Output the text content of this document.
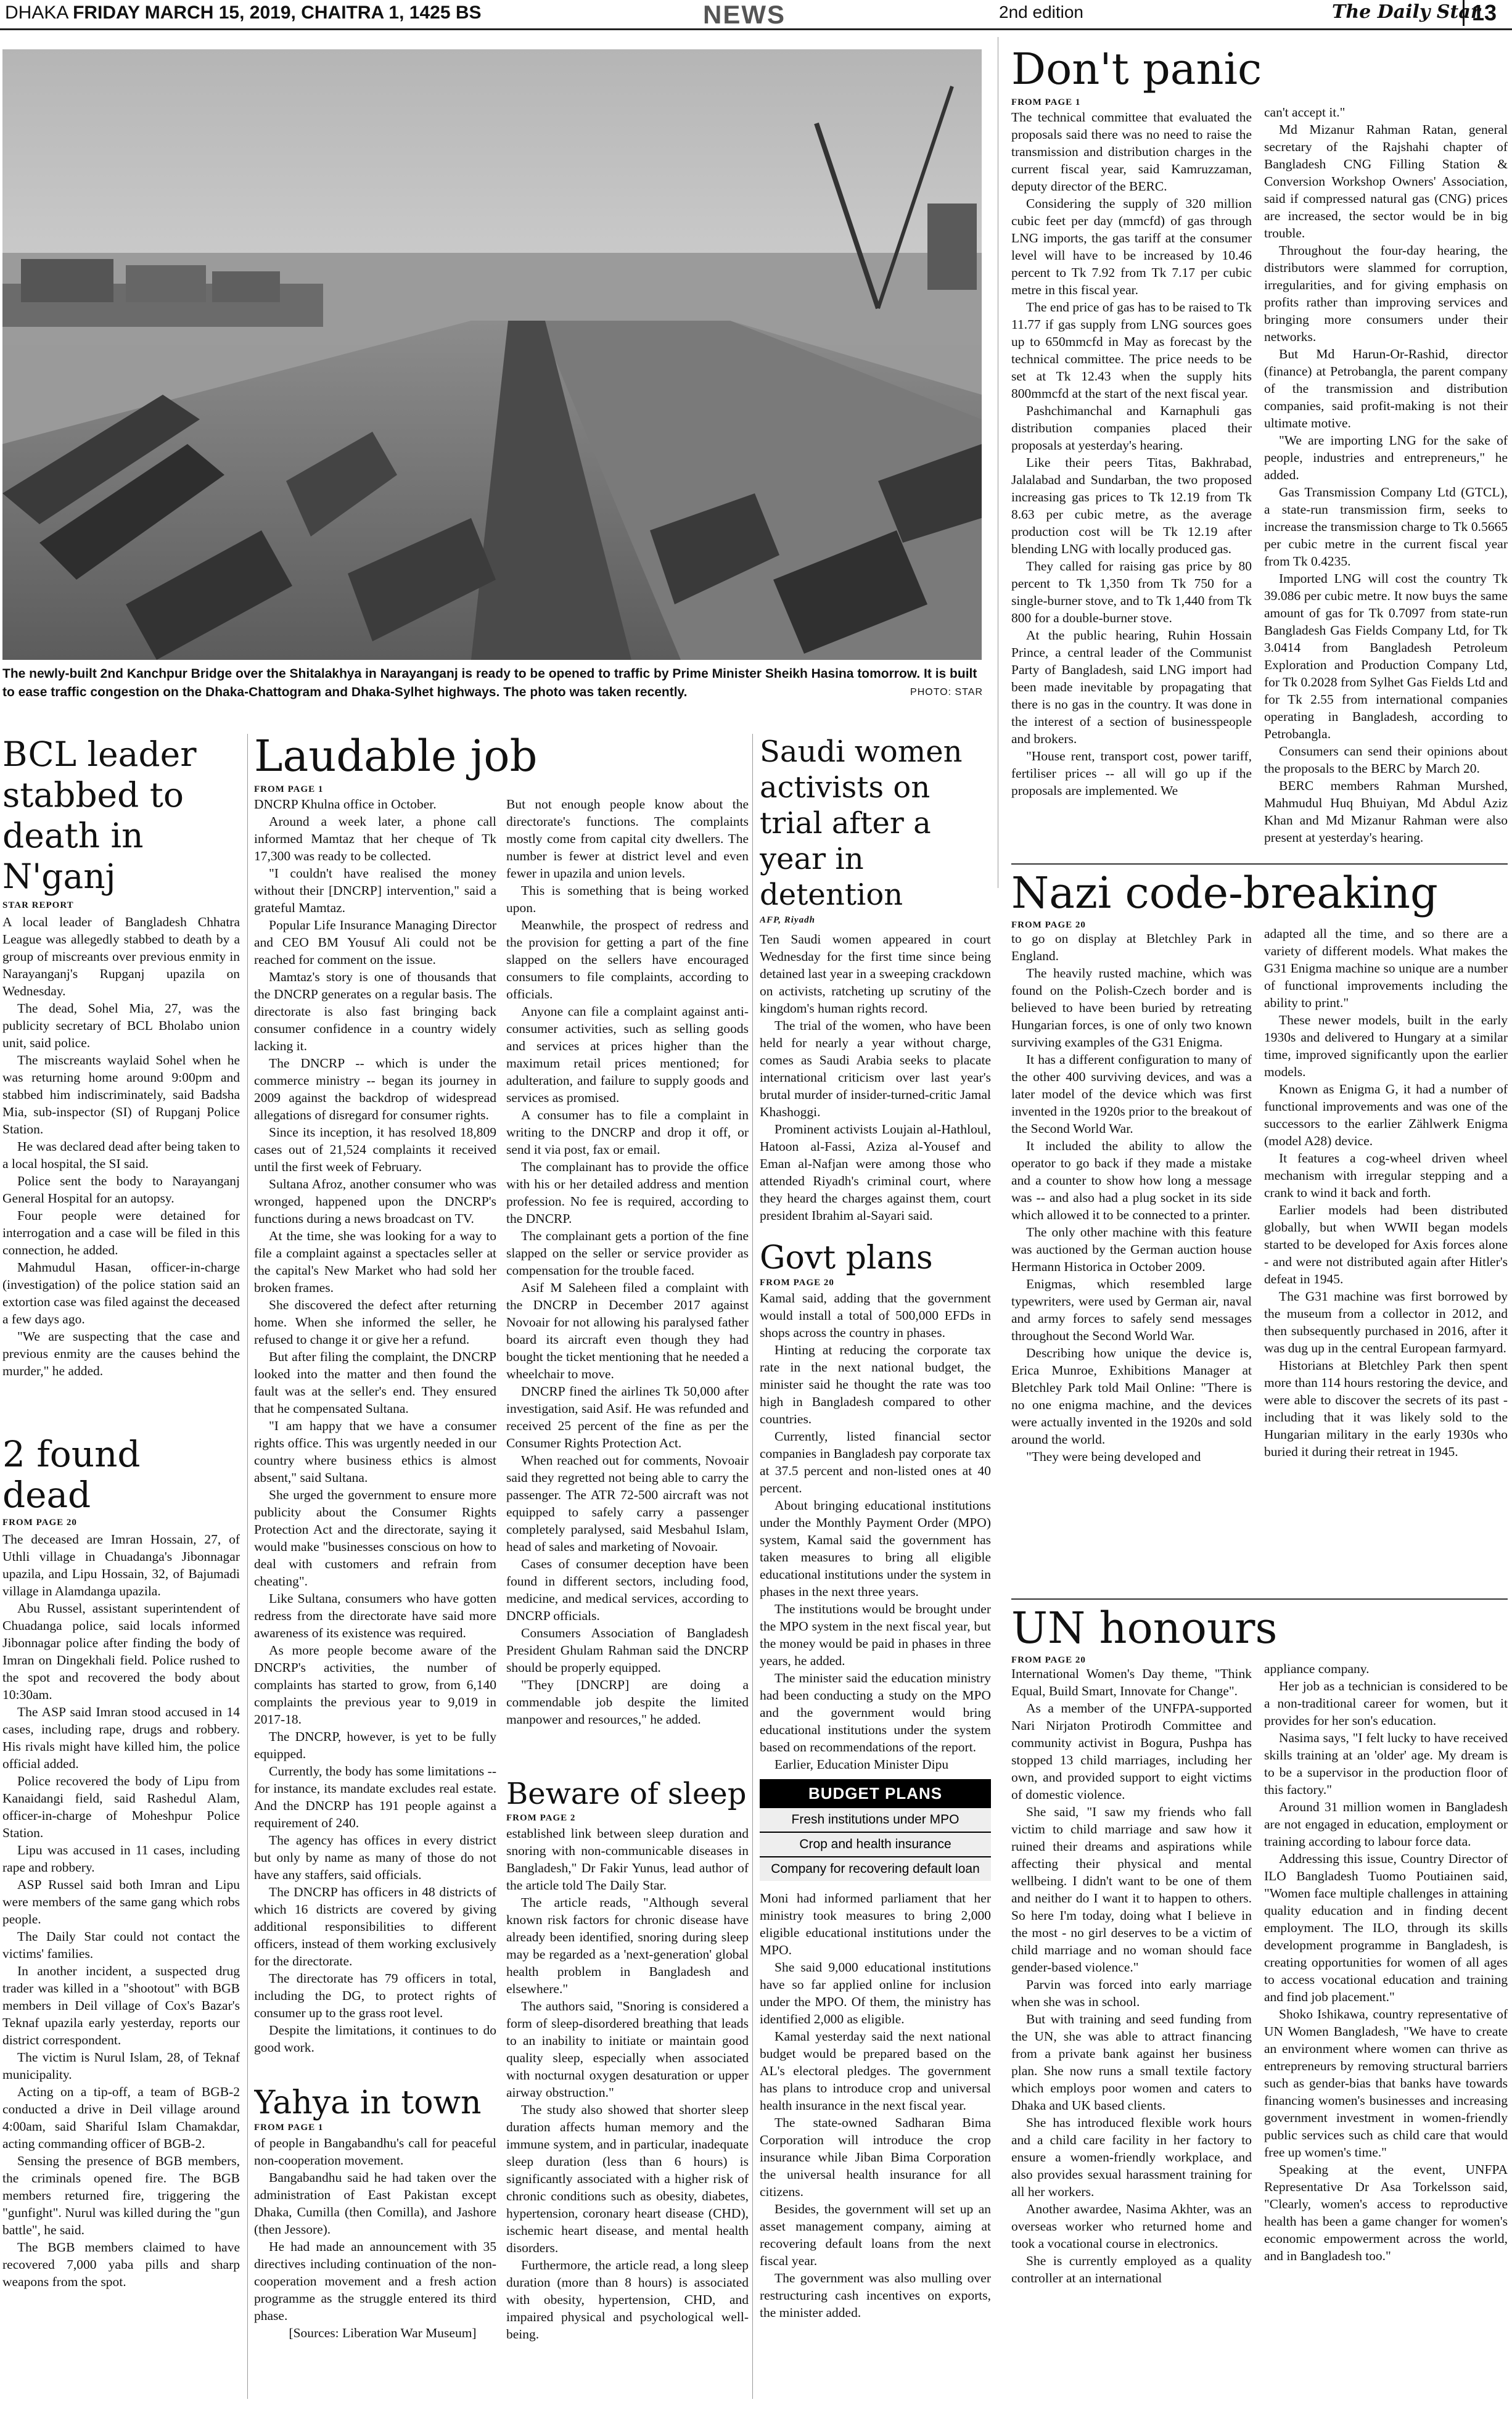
DHAKA FRIDAY MARCH 15, 2019, CHAITRA 1, 1425 BS	NEWS	2nd edition	The Daily Star
13
The newly-built 2nd Kanchpur Bridge over the Shitalakhya in Narayanganj is ready to be opened to traffic by Prime Minister Sheikh Hasina tomorrow. It is built to ease traffic congestion on the Dhaka-Chattogram and Dhaka-Sylhet highways. The photo was taken recently.	PHOTO: STAR
BCL leader stabbed to death in N'ganj
STAR REPORT

A local leader of Bangladesh Chhatra League was allegedly stabbed to death by a group of miscreants over previous enmity in Narayanganj's Rupganj upazila on Wednesday.

The dead, Sohel Mia, 27, was the publicity secretary of BCL Bholabo union unit, said police.

The miscreants waylaid Sohel when he was returning home around 9:00pm and stabbed him indiscriminately, said Badsha Mia, sub-inspector (SI) of Rupganj Police Station.

He was declared dead after being taken to a local hospital, the SI said.

Police sent the body to Narayanganj General Hospital for an autopsy.

Four people were detained for interrogation and a case will be filed in this connection, he added.

Mahmudul Hasan, officer-in-charge (investigation) of the police station said an extortion case was filed against the deceased a few days ago.

"We are suspecting that the case and previous enmity are the causes behind the murder," he added.

2 found dead
FROM PAGE 20

The deceased are Imran Hossain, 27, of Uthli village in Chuadanga's Jibonnagar upazila, and Lipu Hossain, 32, of Bajumadi village in Alamdanga upazila.

Abu Russel, assistant superintendent of Chuadanga police, said locals informed Jibonnagar police after finding the body of Imran on Dingekhali field. Police rushed to the spot and recovered the body about 10:30am.

The ASP said Imran stood accused in 14 cases, including rape, drugs and robbery. His rivals might have killed him, the police official added.

Police recovered the body of Lipu from Kanaidangi field, said Rashedul Alam, officer-in-charge of Moheshpur Police Station.

Lipu was accused in 11 cases, including rape and robbery.

ASP Russel said both Imran and Lipu were members of the same gang which robs people.

The Daily Star could not contact the victims' families.

In another incident, a suspected drug trader was killed in a "shootout" with BGB members in Deil village of Cox's Bazar's Teknaf upazila early yesterday, reports our district correspondent.

The victim is Nurul Islam, 28, of Teknaf municipality.

Acting on a tip-off, a team of BGB-2 conducted a drive in Deil village around 4:00am, said Shariful Islam Chamakdar, acting commanding officer of BGB-2.

Sensing the presence of BGB members, the criminals opened fire. The BGB members returned fire, triggering the "gunfight". Nurul was killed during the "gun battle", he said.

The BGB members claimed to have recovered 7,000 yaba pills and sharp weapons from the spot.

Laudable job
FROM PAGE 1

DNCRP Khulna office in October.

Around a week later, a phone call informed Mamtaz that her cheque of Tk 17,300 was ready to be collected.

"I couldn't have realised the money without their [DNCRP] intervention," said a grateful Mamtaz.

Popular Life Insurance Managing Director and CEO BM Yousuf Ali could not be reached for comment on the issue.

Mamtaz's story is one of thousands that the DNCRP generates on a regular basis. The directorate is also fast bringing back consumer confidence in a country widely lacking it.

The DNCRP -- which is under the commerce ministry -- began its journey in 2009 against the backdrop of widespread allegations of disregard for consumer rights.

Since its inception, it has resolved 18,809 cases out of 21,524 complaints it received until the first week of February.

Sultana Afroz, another consumer who was wronged, happened upon the DNCRP's functions during a news broadcast on TV.

At the time, she was looking for a way to file a complaint against a spectacles seller at the capital's New Market who had sold her broken frames.

She discovered the defect after returning home. When she informed the seller, he refused to change it or give her a refund.

But after filing the complaint, the DNCRP looked into the matter and then found the fault was at the seller's end. They ensured that he compensated Sultana.

"I am happy that we have a consumer rights office. This was urgently needed in our country where business ethics is almost absent," said Sultana.

She urged the government to ensure more publicity about the Consumer Rights Protection Act and the directorate, saying it would make "businesses conscious on how to deal with customers and refrain from cheating".

Like Sultana, consumers who have gotten redress from the directorate have said more awareness of its existence was required.

As more people become aware of the DNCRP's activities, the number of complaints has started to grow, from 6,140 complaints the previous year to 9,019 in 2017-18.

The DNCRP, however, is yet to be fully equipped.

Currently, the body has some limitations -- for instance, its mandate excludes real estate. And the DNCRP has 191 people against a requirement of 240.

The agency has offices in every district but only by name as many of those do not have any staffers, said officials.

The DNCRP has officers in 48 districts of which 16 districts are covered by giving additional responsibilities to different officers, instead of them working exclusively for the directorate.

The directorate has 79 officers in total, including the DG, to protect rights of consumer up to the grass root level.

Despite the limitations, it continues to do good work.

But not enough people know about the directorate's functions. The complaints mostly come from capital city dwellers. The number is fewer at district level and even fewer in upazila and union levels.

This is something that is being worked upon.

Meanwhile, the prospect of redress and the provision for getting a part of the fine slapped on the sellers have encouraged consumers to file complaints, according to officials.

Anyone can file a complaint against anti-consumer activities, such as selling goods and services at prices higher than the maximum retail prices mentioned; for adulteration, and failure to supply goods and services as promised.

A consumer has to file a complaint in writing to the DNCRP and drop it off, or send it via post, fax or email.

The complainant has to provide the office with his or her detailed address and mention profession. No fee is required, according to the DNCRP.

The complainant gets a portion of the fine slapped on the seller or service provider as compensation for the trouble faced.

Asif M Saleheen filed a complaint with the DNCRP in December 2017 against Novoair for not allowing his paralysed father board its aircraft even though they had bought the ticket mentioning that he needed a wheelchair to move.

DNCRP fined the airlines Tk 50,000 after investigation, said Asif. He was refunded and received 25 percent of the fine as per the Consumer Rights Protection Act.

When reached out for comments, Novoair said they regretted not being able to carry the passenger. The ATR 72-500 aircraft was not equipped to safely carry a passenger completely paralysed, said Mesbahul Islam, head of sales and marketing of Novoair.

Cases of consumer deception have been found in different sectors, including food, medicine, and medical services, according to DNCRP officials.

Consumers Association of Bangladesh President Ghulam Rahman said the DNCRP should be properly equipped.

"They [DNCRP] are doing a commendable job despite the limited manpower and resources," he added.

Yahya in town
FROM PAGE 1

of people in Bangabandhu's call for peaceful non-cooperation movement.

Bangabandhu said he had taken over the administration of East Pakistan except Dhaka, Cumilla (then Comilla), and Jashore (then Jessore).

He had made an announcement with 35 directives including continuation of the non-cooperation movement and a fresh action programme as the struggle entered its third phase.

[Sources: Liberation War Museum]

Beware of sleep
FROM PAGE 2

established link between sleep duration and snoring with non-communicable diseases in Bangladesh," Dr Fakir Yunus, lead author of the article told The Daily Star.

The article reads, "Although several known risk factors for chronic disease have already been identified, snoring during sleep may be regarded as a 'next-generation' global health problem in Bangladesh and elsewhere."

The authors said, "Snoring is considered a form of sleep-disordered breathing that leads to an inability to initiate or maintain good quality sleep, especially when associated with nocturnal oxygen desaturation or upper airway obstruction."

The study also showed that shorter sleep duration affects human memory and the immune system, and in particular, inadequate sleep duration (less than 6 hours) is significantly associated with a higher risk of chronic conditions such as obesity, diabetes, hypertension, coronary heart disease (CHD), ischemic heart disease, and mental health disorders.

Furthermore, the article read, a long sleep duration (more than 8 hours) is associated with obesity, hypertension, CHD, and impaired physical and psychological well-being.

Saudi women activists on trial after a year in detention
AFP, Riyadh

Ten Saudi women appeared in court Wednesday for the first time since being detained last year in a sweeping crackdown on activists, ratcheting up scrutiny of the kingdom's human rights record.

The trial of the women, who have been held for nearly a year without charge, comes as Saudi Arabia seeks to placate international criticism over last year's brutal murder of insider-turned-critic Jamal Khashoggi.

Prominent activists Loujain al-Hathloul, Hatoon al-Fassi, Aziza al-Yousef and Eman al-Nafjan were among those who attended Riyadh's criminal court, where they heard the charges against them, court president Ibrahim al-Sayari said.

Govt plans
FROM PAGE 20

Kamal said, adding that the government would install a total of 500,000 EFDs in shops across the country in phases.

Hinting at reducing the corporate tax rate in the next national budget, the minister said he thought the rate was too high in Bangladesh compared to other countries.

Currently, listed financial sector companies in Bangladesh pay corporate tax at 37.5 percent and non-listed ones at 40 percent.

About bringing educational institutions under the Monthly Payment Order (MPO) system, Kamal said the government has taken measures to bring all eligible educational institutions under the system in phases in the next three years.

The institutions would be brought under the MPO system in the next fiscal year, but the money would be paid in phases in three years, he added.

The minister said the education ministry had been conducting a study on the MPO and the government would bring educational institutions under the system based on recommendations of the report.

Earlier, Education Minister Dipu

BUDGET PLANS
Fresh institutions under MPO
Crop and health insurance
Company for recovering default loan

Moni had informed parliament that her ministry took measures to bring 2,000 eligible educational institutions under the MPO.

She said 9,000 educational institutions have so far applied online for inclusion under the MPO. Of them, the ministry has identified 2,000 as eligible.

Kamal yesterday said the next national budget would be prepared based on the AL's electoral pledges. The government has plans to introduce crop and universal health insurance in the next fiscal year.

The state-owned Sadharan Bima Corporation will introduce the crop insurance while Jiban Bima Corporation the universal health insurance for all citizens.

Besides, the government will set up an asset management company, aiming at recovering default loans from the next fiscal year.

The government was also mulling over restructuring cash incentives on exports, the minister added.

Don't panic
FROM PAGE 1

The technical committee that evaluated the proposals said there was no need to raise the transmission and distribution charges in the current fiscal year, said Kamruzzaman, deputy director of the BERC.

Considering the supply of 320 million cubic feet per day (mmcfd) of gas through LNG imports, the gas tariff at the consumer level will have to be increased by 10.46 percent to Tk 7.92 from Tk 7.17 per cubic metre in this fiscal year.

The end price of gas has to be raised to Tk 11.77 if gas supply from LNG sources goes up to 650mmcfd in May as forecast by the technical committee. The price needs to be set at Tk 12.43 when the supply hits 800mmcfd at the start of the next fiscal year.

Pashchimanchal and Karnaphuli gas distribution companies placed their proposals at yesterday's hearing.

Like their peers Titas, Bakhrabad, Jalalabad and Sundarban, the two proposed increasing gas prices to Tk 12.19 from Tk 8.63 per cubic metre, as the average production cost will be Tk 12.19 after blending LNG with locally produced gas.

They called for raising gas price by 80 percent to Tk 1,350 from Tk 750 for a single-burner stove, and to Tk 1,440 from Tk 800 for a double-burner stove.

At the public hearing, Ruhin Hossain Prince, a central leader of the Communist Party of Bangladesh, said LNG import had been made inevitable by propagating that there is no gas in the country. It was done in the interest of a section of businesspeople and brokers.

"House rent, transport cost, power tariff, fertiliser prices -- all will go up if the proposals are implemented. We

can't accept it."

Md Mizanur Rahman Ratan, general secretary of the Rajshahi chapter of Bangladesh CNG Filling Station & Conversion Workshop Owners' Association, said if compressed natural gas (CNG) prices are increased, the sector would be in big trouble.

Throughout the four-day hearing, the distributors were slammed for corruption, irregularities, and for giving emphasis on profits rather than improving services and bringing more consumers under their networks.

But Md Harun-Or-Rashid, director (finance) at Petrobangla, the parent company of the transmission and distribution companies, said profit-making is not their ultimate motive.

"We are importing LNG for the sake of people, industries and entrepreneurs," he added.

Gas Transmission Company Ltd (GTCL), a state-run transmission firm, seeks to increase the transmission charge to Tk 0.5665 per cubic metre in the current fiscal year from Tk 0.4235.

Imported LNG will cost the country Tk 39.086 per cubic metre. It now buys the same amount of gas for Tk 0.7097 from state-run Bangladesh Gas Fields Company Ltd, for Tk 3.0414 from Bangladesh Petroleum Exploration and Production Company Ltd, for Tk 0.2028 from Sylhet Gas Fields Ltd and for Tk 2.55 from international companies operating in Bangladesh, according to Petrobangla.

Consumers can send their opinions about the proposals to the BERC by March 20.

BERC members Rahman Murshed, Mahmudul Huq Bhuiyan, Md Abdul Aziz Khan and Md Mizanur Rahman were also present at yesterday's hearing.

Nazi code-breaking
FROM PAGE 20

to go on display at Bletchley Park in England.

The heavily rusted machine, which was found on the Polish-Czech border and is believed to have been buried by retreating Hungarian forces, is one of only two known surviving examples of the G31 Enigma.

It has a different configuration to many of the other 400 surviving devices, and was a later model of the device which was first invented in the 1920s prior to the breakout of the Second World War.

It included the ability to allow the operator to go back if they made a mistake and a counter to show how long a message was -- and also had a plug socket in its side which allowed it to be connected to a printer.

The only other machine with this feature was auctioned by the German auction house Hermann Historica in October 2009.

Enigmas, which resembled large typewriters, were used by German air, naval and army forces to safely send messages throughout the Second World War.

Describing how unique the device is, Erica Munroe, Exhibitions Manager at Bletchley Park told Mail Online: "There is no one enigma machine, and the devices were actually invented in the 1920s and sold around the world.

"They were being developed and

adapted all the time, and so there are a variety of different models. What makes the G31 Enigma machine so unique are a number of functional improvements including the ability to print."

These newer models, built in the early 1930s and delivered to Hungary at a similar time, improved significantly upon the earlier models.

Known as Enigma G, it had a number of functional improvements and was one of the successors to the earlier Zählwerk Enigma (model A28) device.

It features a cog-wheel driven wheel mechanism with irregular stepping and a crank to wind it back and forth.

Earlier models had been distributed globally, but when WWII began models started to be developed for Axis forces alone - and were not distributed again after Hitler's defeat in 1945.

The G31 machine was first borrowed by the museum from a collector in 2012, and then subsequently purchased in 2016, after it was dug up in the central European farmyard.

Historians at Bletchley Park then spent more than 114 hours restoring the device, and were able to discover the secrets of its past - including that it was likely sold to the Hungarian military in the early 1930s who buried it during their retreat in 1945.

UN honours
FROM PAGE 20

International Women's Day theme, "Think Equal, Build Smart, Innovate for Change".

As a member of the UNFPA-supported Nari Nirjaton Protirodh Committee and community activist in Bogura, Pushpa has stopped 13 child marriages, including her own, and provided support to eight victims of domestic violence.

She said, "I saw my friends who fall victim to child marriage and saw how it ruined their dreams and aspirations while affecting their physical and mental wellbeing. I didn't want to be one of them and neither do I want it to happen to others. So here I'm today, doing what I believe in the most - no girl deserves to be a victim of child marriage and no woman should face gender-based violence."

Parvin was forced into early marriage when she was in school.

But with training and seed funding from the UN, she was able to attract financing from a private bank against her business plan. She now runs a small textile factory which employs poor women and caters to Dhaka and UK based clients.

She has introduced flexible work hours and a child care facility in her factory to ensure a women-friendly workplace, and also provides sexual harassment training for all her workers.

Another awardee, Nasima Akhter, was an overseas worker who returned home and took a vocational course in electronics.

She is currently employed as a quality controller at an international

appliance company.

Her job as a technician is considered to be a non-traditional career for women, but it provides for her son's education.

Nasima says, "I felt lucky to have received skills training at an 'older' age. My dream is to be a supervisor in the production floor of this factory."

Around 31 million women in Bangladesh are not engaged in education, employment or training according to labour force data.

Addressing this issue, Country Director of ILO Bangladesh Tuomo Poutiainen said, "Women face multiple challenges in attaining quality education and in finding decent employment. The ILO, through its skills development programme in Bangladesh, is creating opportunities for women of all ages to access vocational education and training and find job placement."

Shoko Ishikawa, country representative of UN Women Bangladesh, "We have to create an environment where women can thrive as entrepreneurs by removing structural barriers such as gender-bias that banks have towards financing women's businesses and increasing government investment in women-friendly public services such as child care that would free up women's time."

Speaking at the event, UNFPA Representative Dr Asa Torkelsson said, "Clearly, women's access to reproductive health has been a game changer for women's economic empowerment across the world, and in Bangladesh too."
